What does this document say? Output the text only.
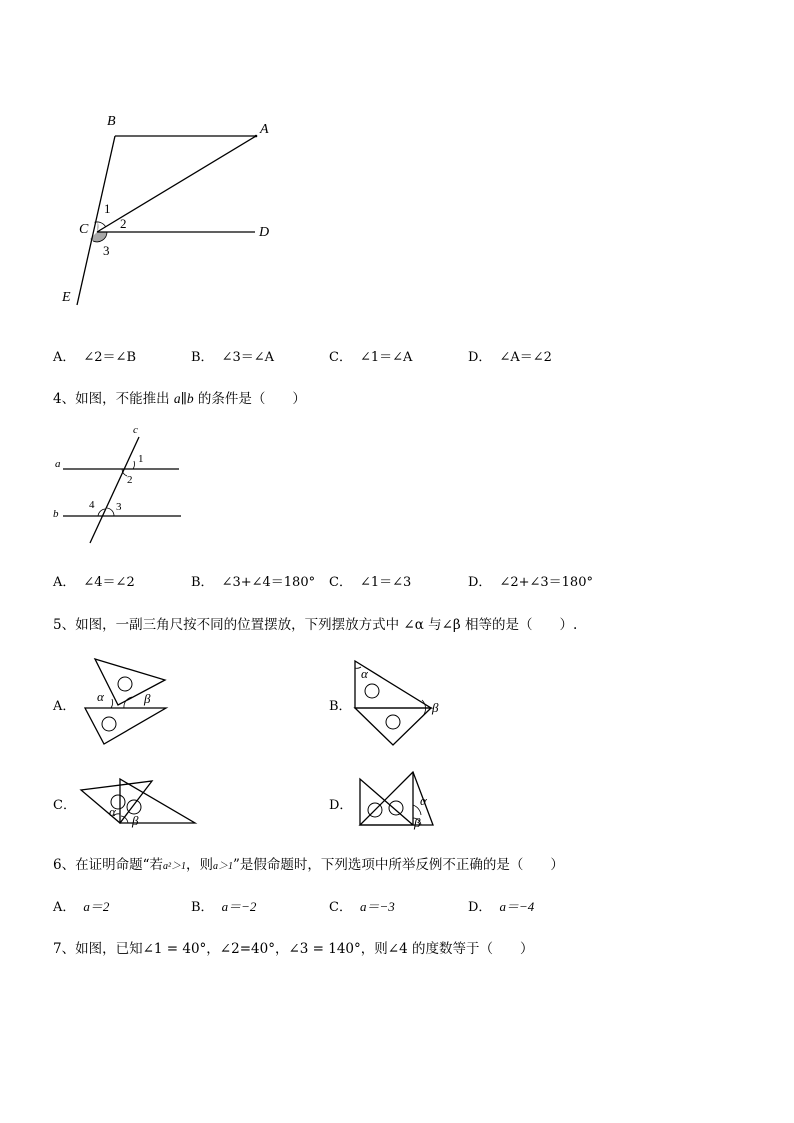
B
A
C	D
E
1
2
3
A． ∠2＝∠B	B． ∠3＝∠A	C． ∠1＝∠A	D． ∠A＝∠2
4、如图，不能推出 a∥b 的条件是（　　）
c
a
b
1
2
3
4
A． ∠4＝∠2	B． ∠3+∠4＝180° C． ∠1＝∠3	D． ∠2+∠3＝180°
5、如图，一副三角尺按不同的位置摆放，下列摆放方式中 ∠α 与∠β 相等的是（　　）.
A．
α	β
B．
α
β
C．	α
β
D．	α
β
6、在证明命题“若a²＞1，则a＞1”是假命题时，下列选项中所举反例不正确的是（　　）
A． a＝2	B． a＝−2	C． a＝−3	D． a＝−4
7、如图，已知∠1 = 40°，∠2=40°，∠3 = 140°，则∠4 的度数等于（　　）
